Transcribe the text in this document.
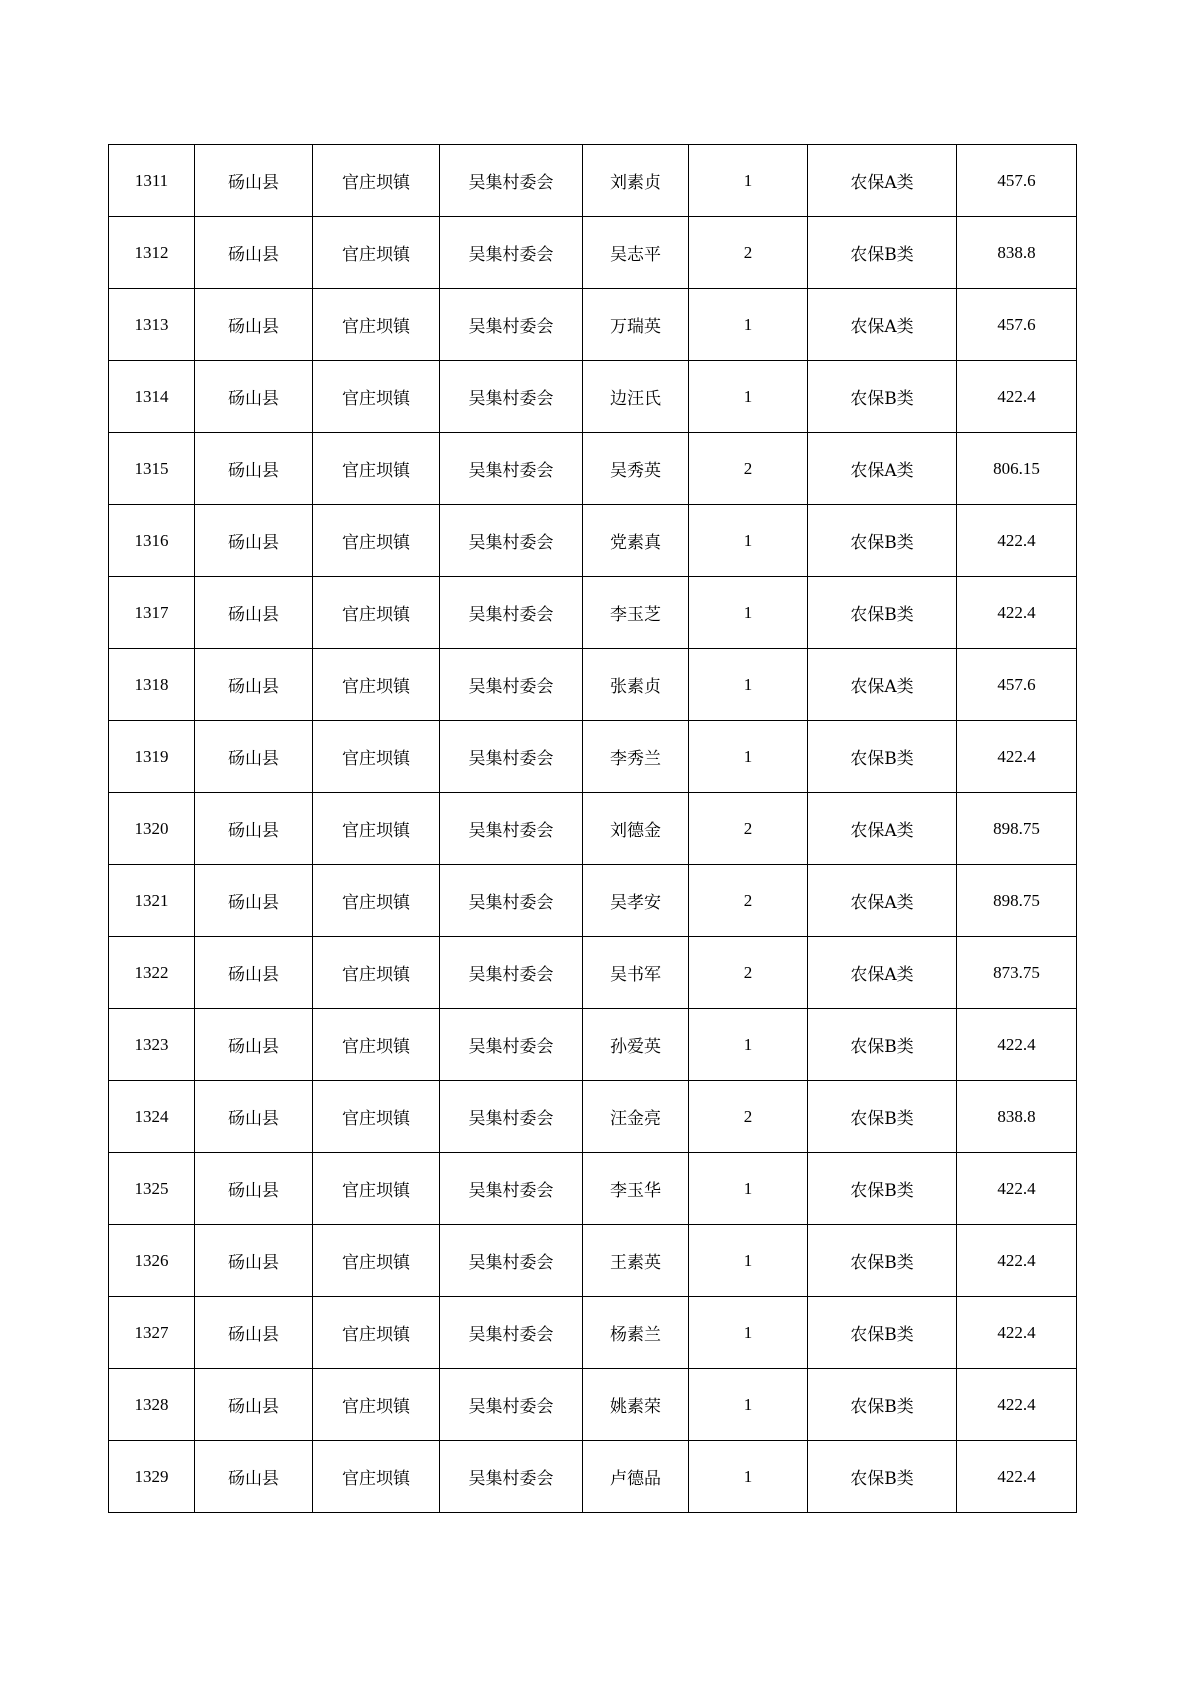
1311	砀山县	官庄坝镇	吴集村委会	刘素贞	1	农保A类	457.6
1312	砀山县	官庄坝镇	吴集村委会	吴志平	2	农保B类	838.8
1313	砀山县	官庄坝镇	吴集村委会	万瑞英	1	农保A类	457.6
1314	砀山县	官庄坝镇	吴集村委会	边汪氏	1	农保B类	422.4
1315	砀山县	官庄坝镇	吴集村委会	吴秀英	2	农保A类	806.15
1316	砀山县	官庄坝镇	吴集村委会	党素真	1	农保B类	422.4
1317	砀山县	官庄坝镇	吴集村委会	李玉芝	1	农保B类	422.4
1318	砀山县	官庄坝镇	吴集村委会	张素贞	1	农保A类	457.6
1319	砀山县	官庄坝镇	吴集村委会	李秀兰	1	农保B类	422.4
1320	砀山县	官庄坝镇	吴集村委会	刘德金	2	农保A类	898.75
1321	砀山县	官庄坝镇	吴集村委会	吴孝安	2	农保A类	898.75
1322	砀山县	官庄坝镇	吴集村委会	吴书军	2	农保A类	873.75
1323	砀山县	官庄坝镇	吴集村委会	孙爱英	1	农保B类	422.4
1324	砀山县	官庄坝镇	吴集村委会	汪金亮	2	农保B类	838.8
1325	砀山县	官庄坝镇	吴集村委会	李玉华	1	农保B类	422.4
1326	砀山县	官庄坝镇	吴集村委会	王素英	1	农保B类	422.4
1327	砀山县	官庄坝镇	吴集村委会	杨素兰	1	农保B类	422.4
1328	砀山县	官庄坝镇	吴集村委会	姚素荣	1	农保B类	422.4
1329	砀山县	官庄坝镇	吴集村委会	卢德品	1	农保B类	422.4
